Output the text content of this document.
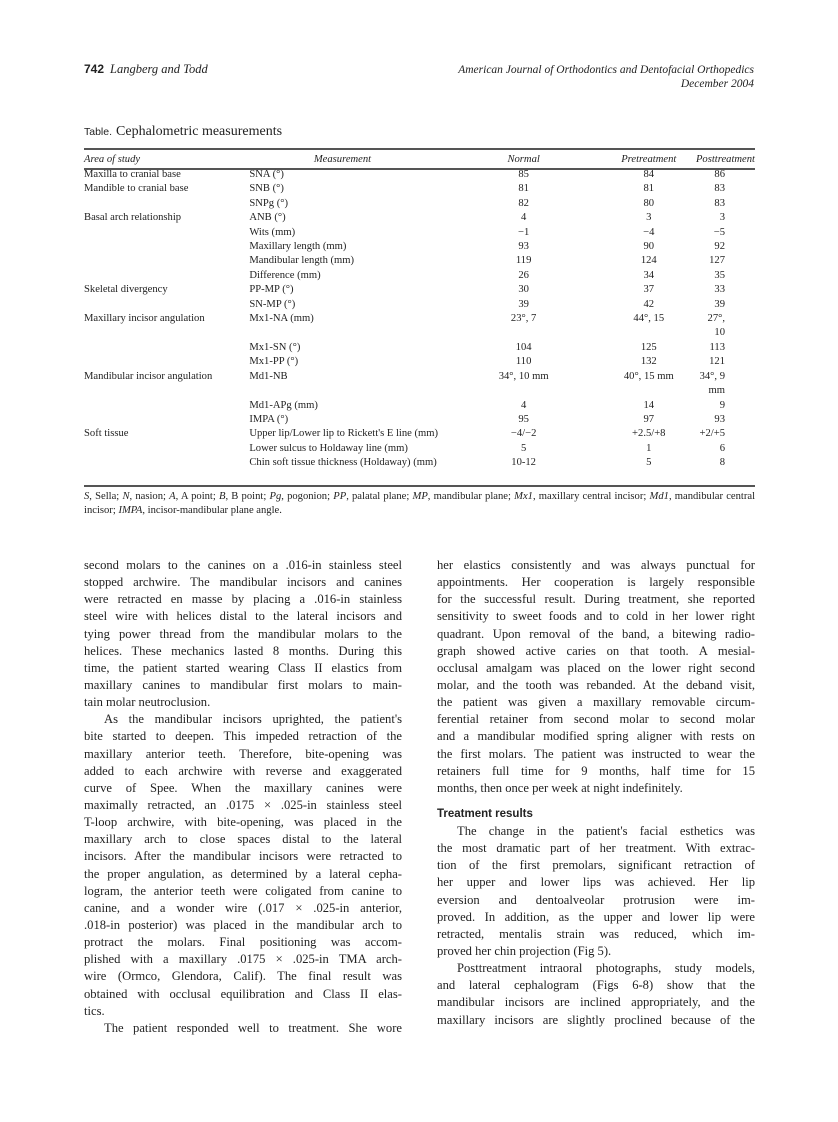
742 Langberg and Todd	American Journal of Orthodontics and Dentofacial Orthopedics
December 2004
Table. Cephalometric measurements
Area of study	Measurement	Normal	Pretreatment	Posttreatment
Maxilla to cranial base	SNA (°)	85	84	86
Mandible to cranial base	SNB (°)	81	81	83
	SNPg (°)	82	80	83
Basal arch relationship	ANB (°)	4	3	3
	Wits (mm)	−1	−4	−5
	Maxillary length (mm)	93	90	92
	Mandibular length (mm)	119	124	127
	Difference (mm)	26	34	35
Skeletal divergency	PP-MP (°)	30	37	33
	SN-MP (°)	39	42	39
Maxillary incisor angulation	Mx1-NA (mm)	23°, 7	44°, 15	27°, 10
	Mx1-SN (°)	104	125	113
	Mx1-PP (°)	110	132	121
Mandibular incisor angulation	Md1-NB	34°, 10 mm	40°, 15 mm	34°, 9 mm
	Md1-APg (mm)	4	14	9
	IMPA (°)	95	97	93
Soft tissue	Upper lip/Lower lip to Rickett's E line (mm)	−4/−2	+2.5/+8	+2/+5
	Lower sulcus to Holdaway line (mm)	5	1	6
	Chin soft tissue thickness (Holdaway) (mm)	10-12	5	8
S, Sella; N, nasion; A, A point; B, B point; Pg, pogonion; PP, palatal plane; MP, mandibular plane; Mx1, maxillary central incisor; Md1, mandibular central incisor; IMPA, incisor-mandibular plane angle.
second molars to the canines on a .016-in stainless steel
stopped archwire. The mandibular incisors and canines
were retracted en masse by placing a .016-in stainless
steel wire with helices distal to the lateral incisors and
tying power thread from the mandibular molars to the
helices. These mechanics lasted 8 months. During this
time, the patient started wearing Class II elastics from
maxillary canines to mandibular first molars to main-
tain molar neutroclusion.
As the mandibular incisors uprighted, the patient's
bite started to deepen. This impeded retraction of the
maxillary anterior teeth. Therefore, bite-opening was
added to each archwire with reverse and exaggerated
curve of Spee. When the maxillary canines were
maximally retracted, an .0175 × .025-in stainless steel
T-loop archwire, with bite-opening, was placed in the
maxillary arch to close spaces distal to the lateral
incisors. After the mandibular incisors were retracted to
the proper angulation, as determined by a lateral cepha-
logram, the anterior teeth were coligated from canine to
canine, and a wonder wire (.017 × .025-in anterior,
.018-in posterior) was placed in the mandibular arch to
protract the molars. Final positioning was accom-
plished with a maxillary .0175 × .025-in TMA arch-
wire (Ormco, Glendora, Calif). The final result was
obtained with occlusal equilibration and Class II elas-
tics.
The patient responded well to treatment. She wore
her elastics consistently and was always punctual for
appointments. Her cooperation is largely responsible
for the successful result. During treatment, she reported
sensitivity to sweet foods and to cold in her lower right
quadrant. Upon removal of the band, a bitewing radio-
graph showed active caries on that tooth. A mesial-
occlusal amalgam was placed on the lower right second
molar, and the tooth was rebanded. At the deband visit,
the patient was given a maxillary removable circum-
ferential retainer from second molar to second molar
and a mandibular modified spring aligner with rests on
the first molars. The patient was instructed to wear the
retainers full time for 9 months, half time for 15
months, then once per week at night indefinitely.
Treatment results
The change in the patient's facial esthetics was
the most dramatic part of her treatment. With extrac-
tion of the first premolars, significant retraction of
her upper and lower lips was achieved. Her lip
eversion and dentoalveolar protrusion were im-
proved. In addition, as the upper and lower lip were
retracted, mentalis strain was reduced, which im-
proved her chin projection (Fig 5).
Posttreatment intraoral photographs, study models,
and lateral cephalogram (Figs 6-8) show that the
mandibular incisors are inclined appropriately, and the
maxillary incisors are slightly proclined because of the
